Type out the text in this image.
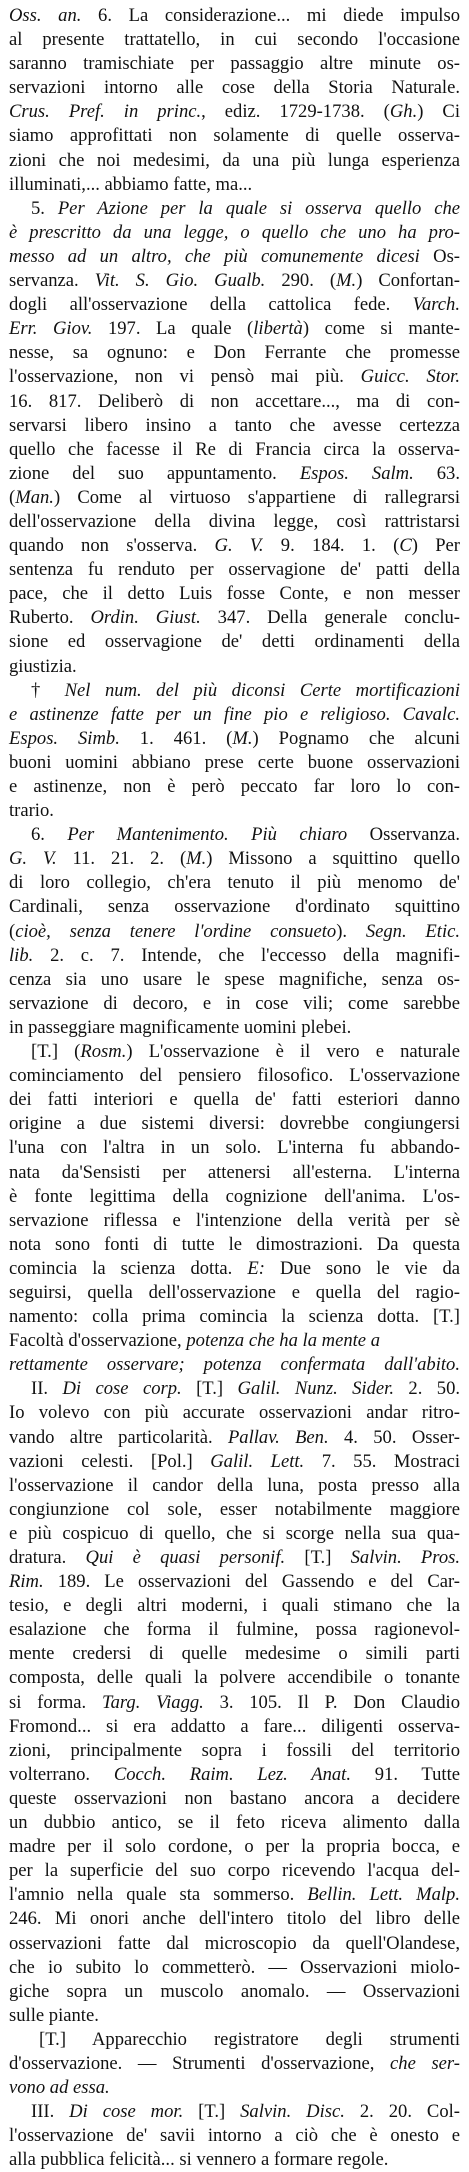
Oss. an. 6. La considerazione... mi diede impulso
al presente trattatello, in cui secondo l'occasione
saranno tramischiate per passaggio altre minute os-
servazioni intorno alle cose della Storia Naturale.
Crus. Pref. in princ., ediz. 1729-1738. (Gh.) Ci
siamo approfittati non solamente di quelle osserva-
zioni che noi medesimi, da una più lunga esperienza
illuminati,... abbiamo fatte, ma...
5. Per Azione per la quale si osserva quello che
è prescritto da una legge, o quello che uno ha pro-
messo ad un altro, che più comunemente dicesi Os-
servanza. Vit. S. Gio. Gualb. 290. (M.) Confortan-
dogli all'osservazione della cattolica fede. Varch.
Err. Giov. 197. La quale (libertà) come si mante-
nesse, sa ognuno: e Don Ferrante che promesse
l'osservazione, non vi pensò mai più. Guicc. Stor.
16. 817. Deliberò di non accettare..., ma di con-
servarsi libero insino a tanto che avesse certezza
quello che facesse il Re di Francia circa la osserva-
zione del suo appuntamento. Espos. Salm. 63.
(Man.) Come al virtuoso s'appartiene di rallegrarsi
dell'osservazione della divina legge, così rattristarsi
quando non s'osserva. G. V. 9. 184. 1. (C) Per
sentenza fu renduto per osservagione de' patti della
pace, che il detto Luis fosse Conte, e non messer
Ruberto. Ordin. Giust. 347. Della generale conclu-
sione ed osservagione de' detti ordinamenti della
giustizia.
† Nel num. del più diconsi Certe mortificazioni
e astinenze fatte per un fine pio e religioso. Cavalc.
Espos. Simb. 1. 461. (M.) Pognamo che alcuni
buoni uomini abbiano prese certe buone osservazioni
e astinenze, non è però peccato far loro lo con-
trario.
6. Per Mantenimento. Più chiaro Osservanza.
G. V. 11. 21. 2. (M.) Missono a squittino quello
di loro collegio, ch'era tenuto il più menomo de'
Cardinali, senza osservazione d'ordinato squittino
(cioè, senza tenere l'ordine consueto). Segn. Etic.
lib. 2. c. 7. Intende, che l'eccesso della magnifi-
cenza sia uno usare le spese magnifiche, senza os-
servazione di decoro, e in cose vili; come sarebbe
in passeggiare magnificamente uomini plebei.
[T.] (Rosm.) L'osservazione è il vero e naturale
cominciamento del pensiero filosofico. L'osservazione
dei fatti interiori e quella de' fatti esteriori danno
origine a due sistemi diversi: dovrebbe congiungersi
l'una con l'altra in un solo. L'interna fu abbando-
nata da'Sensisti per attenersi all'esterna. L'interna
è fonte legittima della cognizione dell'anima. L'os-
servazione riflessa e l'intenzione della verità per sè
nota sono fonti di tutte le dimostrazioni. Da questa
comincia la scienza dotta. E: Due sono le vie da
seguirsi, quella dell'osservazione e quella del ragio-
namento: colla prima comincia la scienza dotta. [T.]
Facoltà d'osservazione, potenza che ha la mente a
rettamente osservare; potenza confermata dall'abito.
II. Di cose corp. [T.] Galil. Nunz. Sider. 2. 50.
Io volevo con più accurate osservazioni andar ritro-
vando altre particolarità. Pallav. Ben. 4. 50. Osser-
vazioni celesti. [Pol.] Galil. Lett. 7. 55. Mostraci
l'osservazione il candor della luna, posta presso alla
congiunzione col sole, esser notabilmente maggiore
e più cospicuo di quello, che si scorge nella sua qua-
dratura. Qui è quasi personif. [T.] Salvin. Pros.
Rim. 189. Le osservazioni del Gassendo e del Car-
tesio, e degli altri moderni, i quali stimano che la
esalazione che forma il fulmine, possa ragionevol-
mente credersi di quelle medesime o simili parti
composta, delle quali la polvere accendibile o tonante
si forma. Targ. Viagg. 3. 105. Il P. Don Claudio
Fromond... si era addatto a fare... diligenti osserva-
zioni, principalmente sopra i fossili del territorio
volterrano. Cocch. Raim. Lez. Anat. 91. Tutte
queste osservazioni non bastano ancora a decidere
un dubbio antico, se il feto riceva alimento dalla
madre per il solo cordone, o per la propria bocca, e
per la superficie del suo corpo ricevendo l'acqua del-
l'amnio nella quale sta sommerso. Bellin. Lett. Malp.
246. Mi onori anche dell'intero titolo del libro delle
osservazioni fatte dal microscopio da quell'Olandese,
che io subito lo commetterò. — Osservazioni miolo-
giche sopra un muscolo anomalo. — Osservazioni
sulle piante.
[T.] Apparecchio registratore degli strumenti
d'osservazione. — Strumenti d'osservazione, che ser-
vono ad essa.
III. Di cose mor. [T.] Salvin. Disc. 2. 20. Col-
l'osservazione de' savii intorno a ciò che è onesto e
alla pubblica felicità... si vennero a formare regole.
